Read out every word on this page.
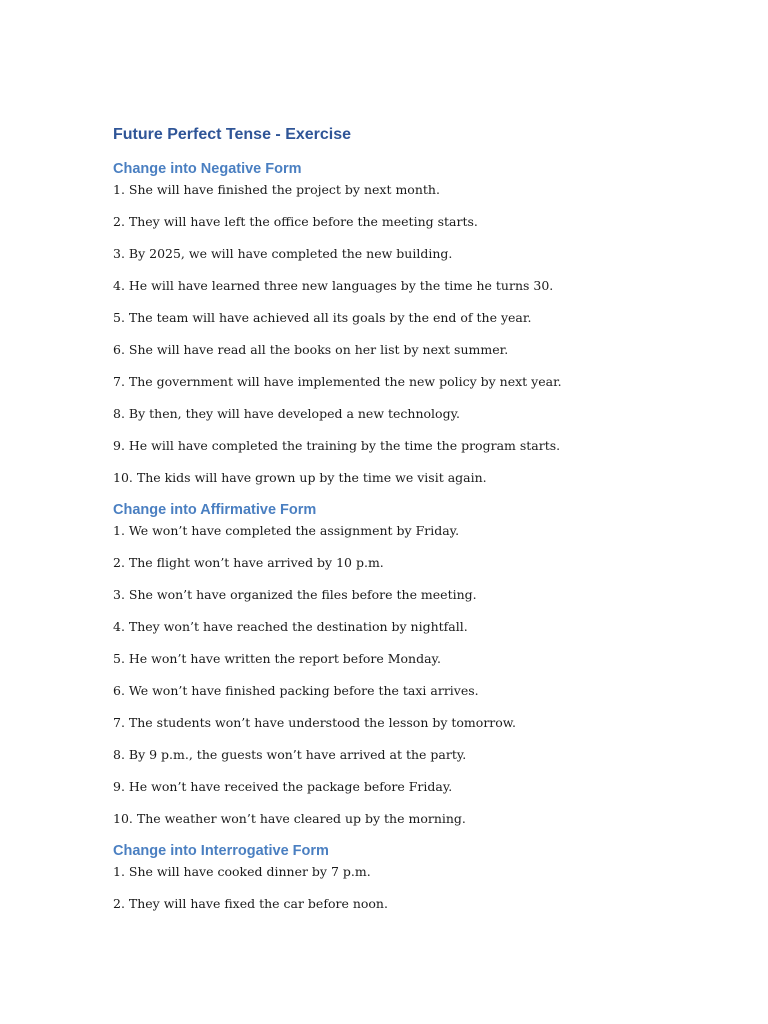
Future Perfect Tense - Exercise
Change into Negative Form
1. She will have finished the project by next month.
2. They will have left the office before the meeting starts.
3. By 2025, we will have completed the new building.
4. He will have learned three new languages by the time he turns 30.
5. The team will have achieved all its goals by the end of the year.
6. She will have read all the books on her list by next summer.
7. The government will have implemented the new policy by next year.
8. By then, they will have developed a new technology.
9. He will have completed the training by the time the program starts.
10. The kids will have grown up by the time we visit again.
Change into Affirmative Form
1. We won’t have completed the assignment by Friday.
2. The flight won’t have arrived by 10 p.m.
3. She won’t have organized the files before the meeting.
4. They won’t have reached the destination by nightfall.
5. He won’t have written the report before Monday.
6. We won’t have finished packing before the taxi arrives.
7. The students won’t have understood the lesson by tomorrow.
8. By 9 p.m., the guests won’t have arrived at the party.
9. He won’t have received the package before Friday.
10. The weather won’t have cleared up by the morning.
Change into Interrogative Form
1. She will have cooked dinner by 7 p.m.
2. They will have fixed the car before noon.
